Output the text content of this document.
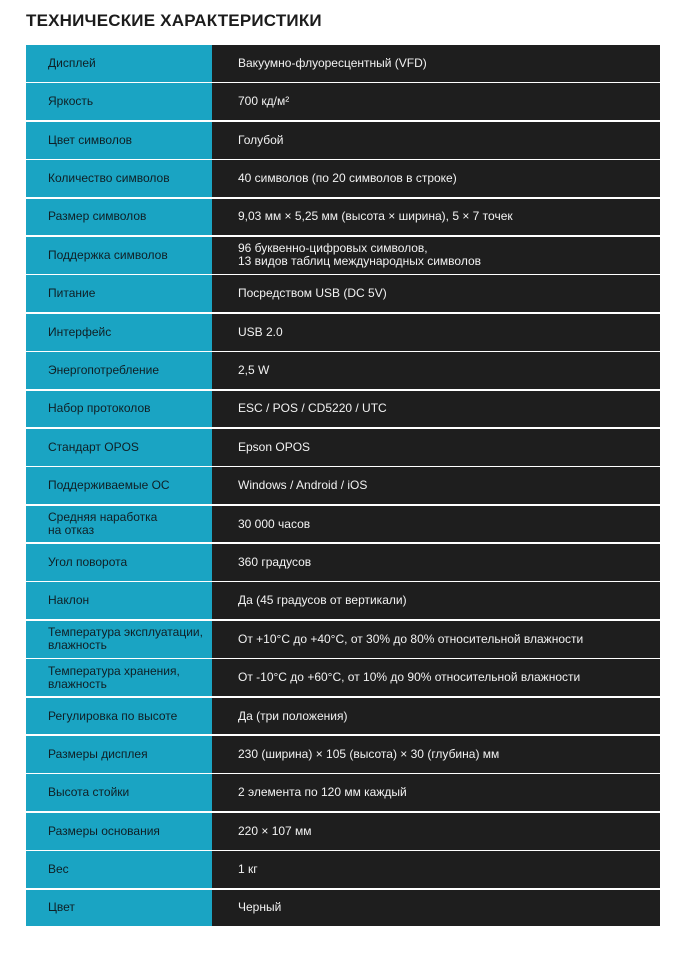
ТЕХНИЧЕСКИЕ ХАРАКТЕРИСТИКИ
Дисплей	Вакуумно-флуоресцентный (VFD)
Яркость	700 кд/м²
Цвет символов	Голубой
Количество символов	40 символов (по 20 символов в строке)
Размер символов	9,03 мм × 5,25 мм (высота × ширина), 5 × 7 точек
Поддержка символов	96 буквенно-цифровых символов,
13 видов таблиц международных символов
Питание	Посредством USB (DC 5V)
Интерфейс	USB 2.0
Энергопотребление	2,5 W
Набор протоколов	ESC / POS / CD5220 / UTC
Стандарт OPOS	Epson OPOS
Поддерживаемые ОС	Windows / Android / iOS
Средняя наработка
на отказ	30 000 часов
Угол поворота	360 градусов
Наклон	Да (45 градусов от вертикали)
Температура эксплуатации,
влажность	От +10°C до +40°C, от 30% до 80% относительной влажности
Температура хранения,
влажность	От -10°C до +60°C, от 10% до 90% относительной влажности
Регулировка по высоте	Да (три положения)
Размеры дисплея	230 (ширина) × 105 (высота) × 30 (глубина) мм
Высота стойки	2 элемента по 120 мм каждый
Размеры основания	220 × 107 мм
Вес	1 кг
Цвет	Черный
